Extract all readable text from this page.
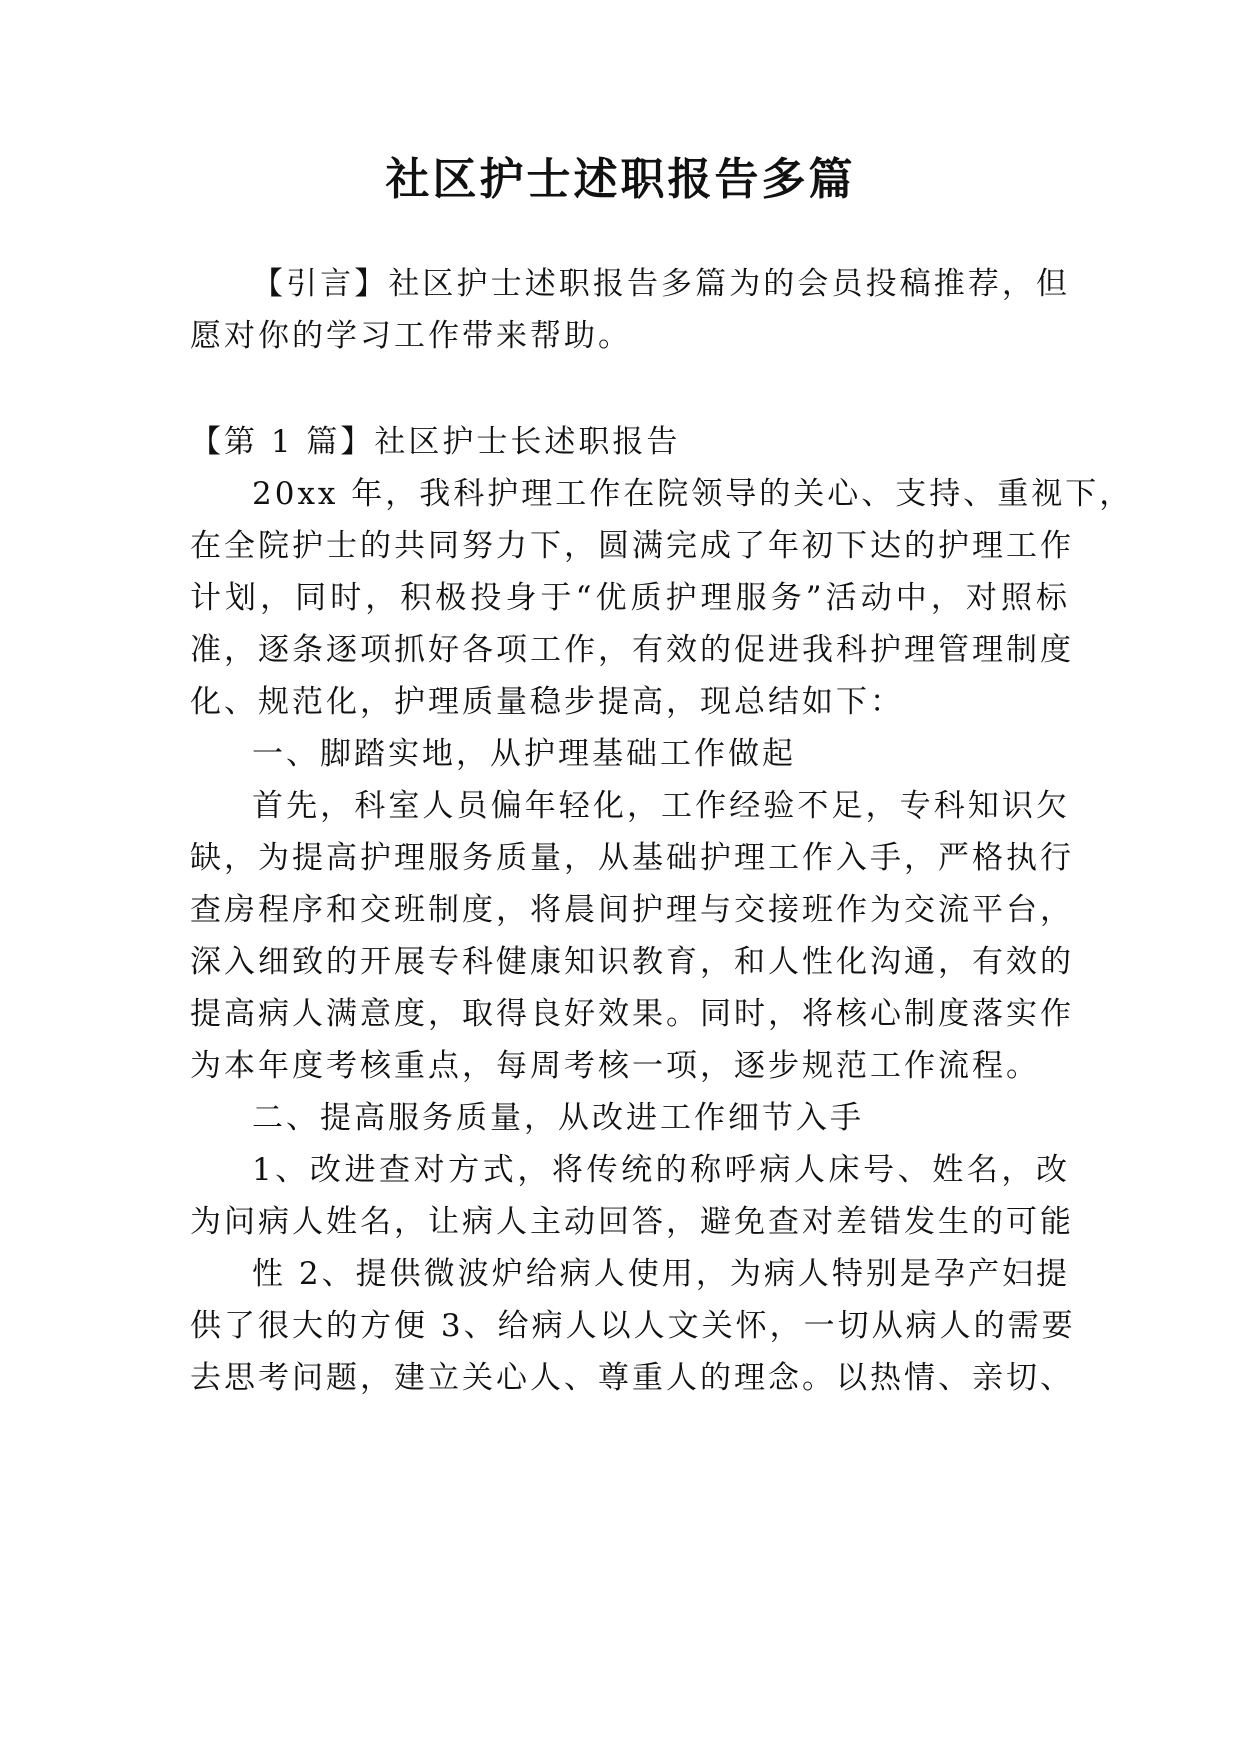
社区护士述职报告多篇
【引言】社区护士述职报告多篇为的会员投稿推荐，但
愿对你的学习工作带来帮助。
【第 1 篇】社区护士长述职报告
20xx 年，我科护理工作在院领导的关心、支持、重视下，
在全院护士的共同努力下，圆满完成了年初下达的护理工作
计划，同时，积极投身于“优质护理服务”活动中，对照标
准，逐条逐项抓好各项工作，有效的促进我科护理管理制度
化、规范化，护理质量稳步提高，现总结如下：
一、脚踏实地，从护理基础工作做起
首先，科室人员偏年轻化，工作经验不足，专科知识欠
缺，为提高护理服务质量，从基础护理工作入手，严格执行
查房程序和交班制度，将晨间护理与交接班作为交流平台，
深入细致的开展专科健康知识教育，和人性化沟通，有效的
提高病人满意度，取得良好效果。同时，将核心制度落实作
为本年度考核重点，每周考核一项，逐步规范工作流程。
二、提高服务质量，从改进工作细节入手
1、改进查对方式，将传统的称呼病人床号、姓名，改
为问病人姓名，让病人主动回答，避免查对差错发生的可能
性 2、提供微波炉给病人使用，为病人特别是孕产妇提
供了很大的方便 3、给病人以人文关怀，一切从病人的需要
去思考问题，建立关心人、尊重人的理念。以热情、亲切、
